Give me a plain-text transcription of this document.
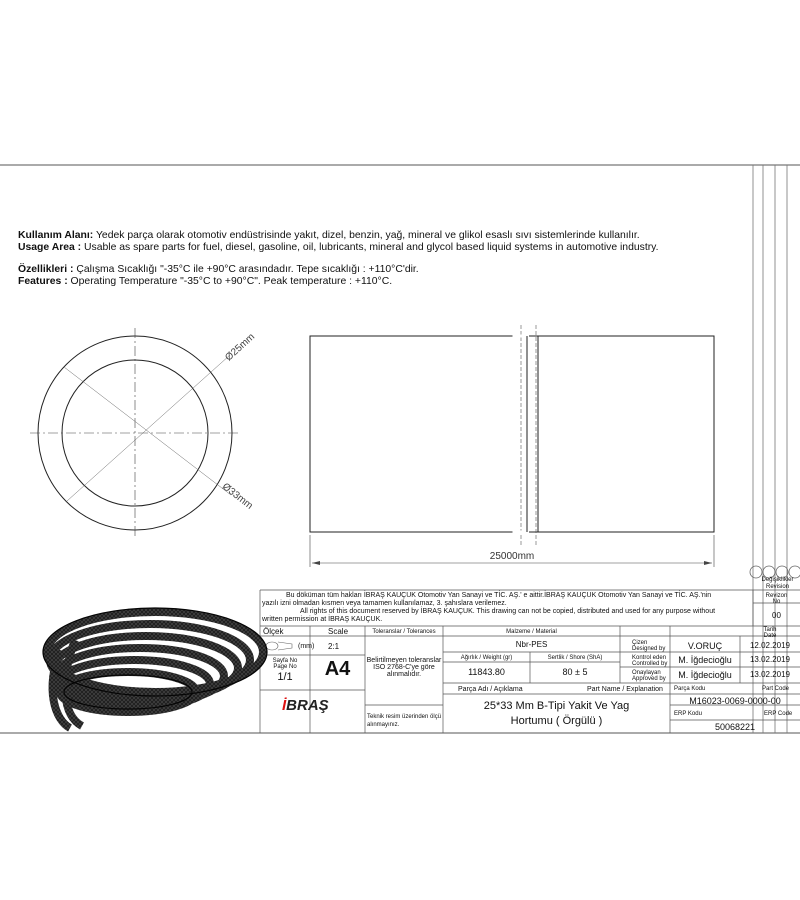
Kullanım Alanı: Yedek parça olarak otomotiv endüstrisinde yakıt, dizel, benzin, yağ, mineral ve glikol esaslı sıvı sistemlerinde kullanılır.

Usage Area : Usable as spare parts for fuel, diesel, gasoline, oil, lubricants, mineral and glycol based liquid systems in automotive industry.

Özellikleri : Çalışma Sıcaklığı "-35°C ile +90°C arasındadır. Tepe sıcaklığı : +110°C'dir.

Features : Operating Temperature "-35°C to +90°C". Peak temperature : +110°C.

Ø25mm
Ø33mm
25000mm
Değişiklikler
Revision
Revizon
No
00
Tarih
Date
Bu döküman tüm hakları İBRAŞ KAUÇUK Otomotiv Yan Sanayi ve TİC. AŞ.' e aittir.İBRAŞ KAUÇUK Otomotiv Yan Sanayi ve TİC. AŞ.'nin
yazılı izni olmadan kısmen veya tamamen kullanılamaz, 3. şahıslara verilemez.
All rights of this document reserved by İBRAŞ KAUÇUK. This drawing can not be copied, distributed and used for any purpose without
written permission at İBRAŞ KAUÇUK.
Ölçek	Scale
(mm) 2:1
Sayfa No
Page No
1/1	A4
İBRAŞ
Toleranslar / Tolerances
Belirtilmeyen toleranslar
ISO 2768-C'ye göre
alınmalıdır.
Teknik resim üzerinden ölçü
alınmayınız.
Malzeme / Material
Nbr-PES
Ağırlık / Weight (gr)	Sertlik / Shore (ShA)
11843.80	80 ± 5
Parça Adı / Açıklama	Part Name / Explanation
25*33 Mm B-Tipi Yakit Ve Yag
Hortumu ( Örgülü )
Çizen
Designed by	V.ORUÇ	12.02.2019
Kontrol eden
Controlled by	M. İğdecioğlu	13.02.2019
Onaylayan
Approved by	M. İğdecioğlu	13.02.2019
Parça Kodu	Part Code
M16023-0069-0000-00
ERP Kodu	ERP Code
50068221
